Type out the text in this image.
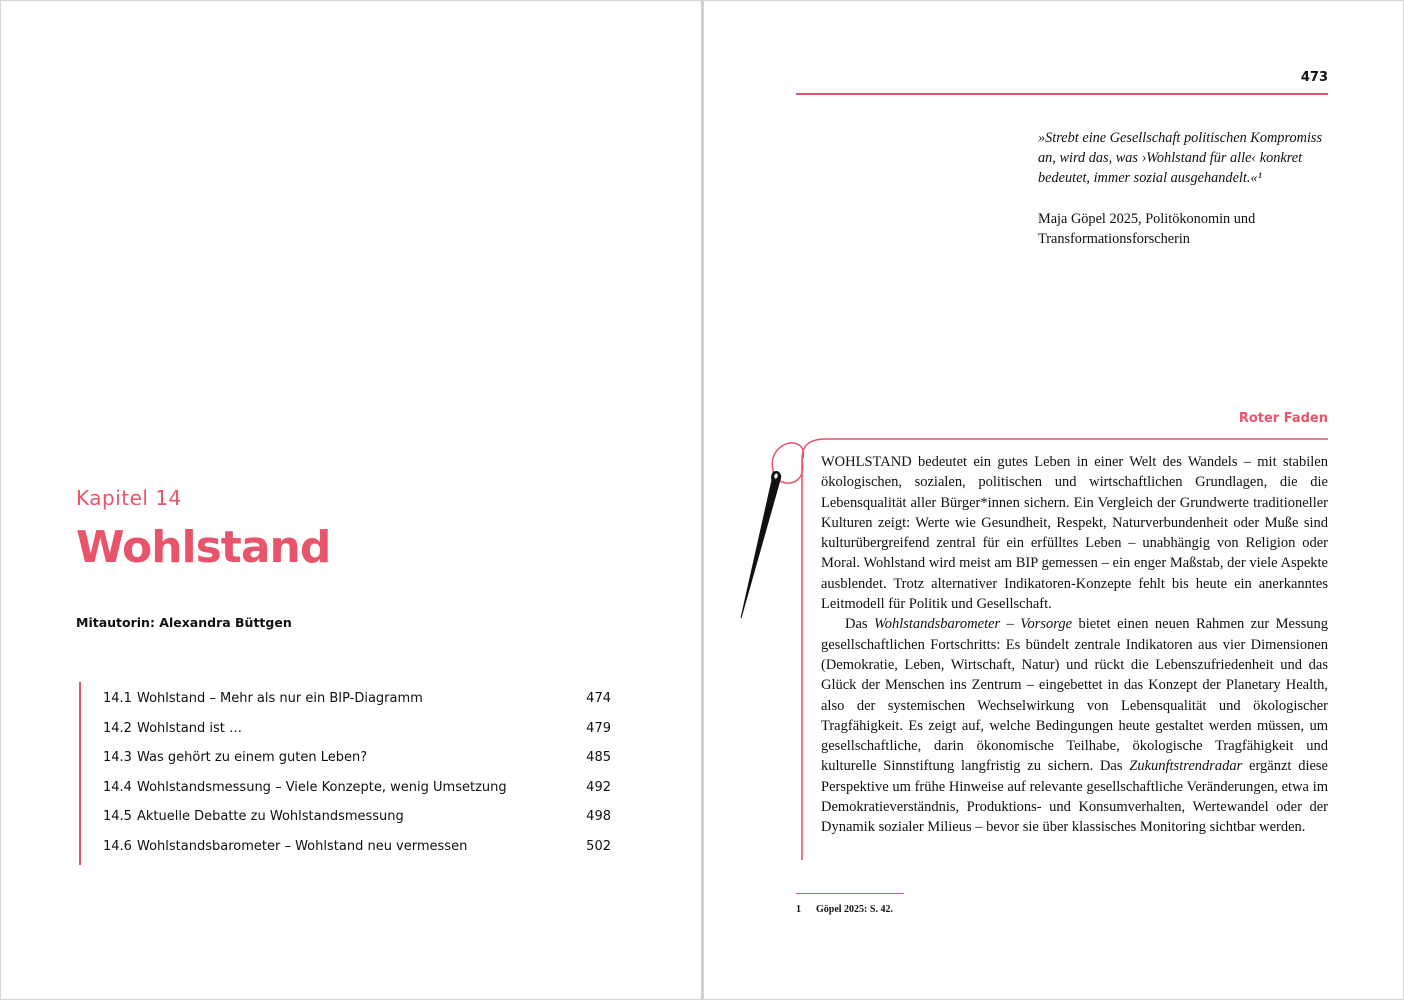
Kapitel 14
Wohlstand
Mitautorin: Alexandra Büttgen
14.1 Wohlstand – Mehr als nur ein BIP-Diagramm	474
14.2 Wohlstand ist …	479
14.3 Was gehört zu einem guten Leben?	485
14.4 Wohlstandsmessung – Viele Konzepte, wenig Umsetzung	492
14.5 Aktuelle Debatte zu Wohlstandsmessung	498
14.6 Wohlstandsbarometer – Wohlstand neu vermessen	502
473

»Strebt eine Gesellschaft politischen Kompromiss an, wird das, was ›Wohlstand für alle‹ konkret bedeutet, immer sozial ausgehandelt.«¹

Maja Göpel 2025, Politökonomin und Transformationsforscherin

Roter Faden

WOHLSTAND bedeutet ein gutes Leben in einer Welt des Wandels – mit stabilen ökologischen, sozialen, politischen und wirtschaftlichen Grundlagen, die die Lebensqualität aller Bürger*innen sichern. Ein Vergleich der Grundwerte traditioneller Kulturen zeigt: Werte wie Gesundheit, Respekt, Naturverbundenheit oder Muße sind kulturübergreifend zentral für ein erfülltes Leben – unabhängig von Religion oder Moral. Wohlstand wird meist am BIP gemessen – ein enger Maßstab, der viele Aspekte ausblendet. Trotz alternativer Indikatoren-Konzepte fehlt bis heute ein anerkanntes Leitmodell für Politik und Gesellschaft.

Das Wohlstandsbarometer – Vorsorge bietet einen neuen Rahmen zur Messung gesellschaftlichen Fortschritts: Es bündelt zentrale Indikatoren aus vier Dimensionen (Demokratie, Leben, Wirtschaft, Natur) und rückt die Lebenszufriedenheit und das Glück der Menschen ins Zentrum – eingebettet in das Konzept der Planetary Health, also der systemischen Wechselwirkung von Lebensqualität und ökologischer Tragfähigkeit. Es zeigt auf, welche Bedingungen heute gestaltet werden müssen, um gesellschaftliche, darin ökonomische Teilhabe, ökologische Tragfähigkeit und kulturelle Sinnstiftung langfristig zu sichern. Das Zukunftstrendradar ergänzt diese Perspektive um frühe Hinweise auf relevante gesellschaftliche Veränderungen, etwa im Demokratieverständnis, Produktions- und Konsumverhalten, Wertewandel oder der Dynamik sozialer Milieus – bevor sie über klassisches Monitoring sichtbar werden.

1 Göpel 2025: S. 42.
